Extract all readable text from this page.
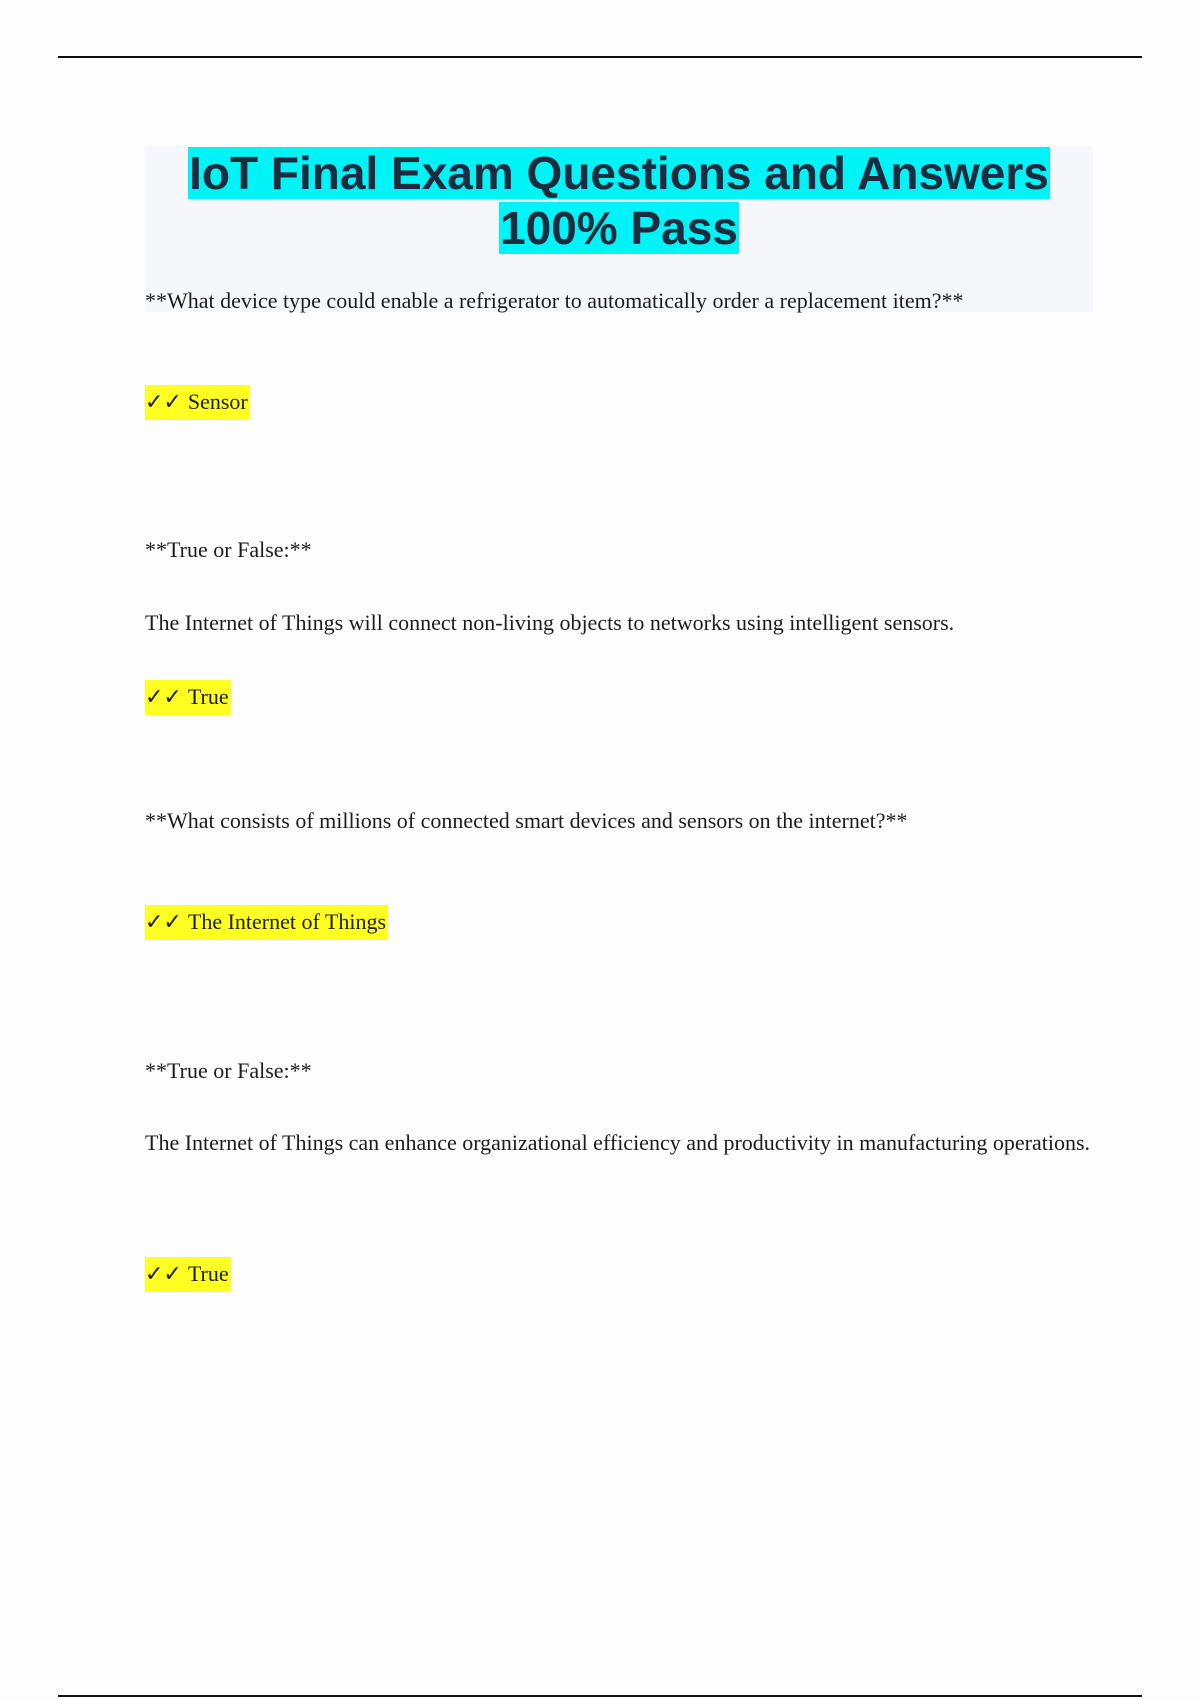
IoT Final Exam Questions and Answers 100% Pass
**What device type could enable a refrigerator to automatically order a replacement item?**
✓✓ Sensor
**True or False:**
The Internet of Things will connect non-living objects to networks using intelligent sensors.
✓✓ True
**What consists of millions of connected smart devices and sensors on the internet?**
✓✓ The Internet of Things
**True or False:**
The Internet of Things can enhance organizational efficiency and productivity in manufacturing operations.
✓✓ True
